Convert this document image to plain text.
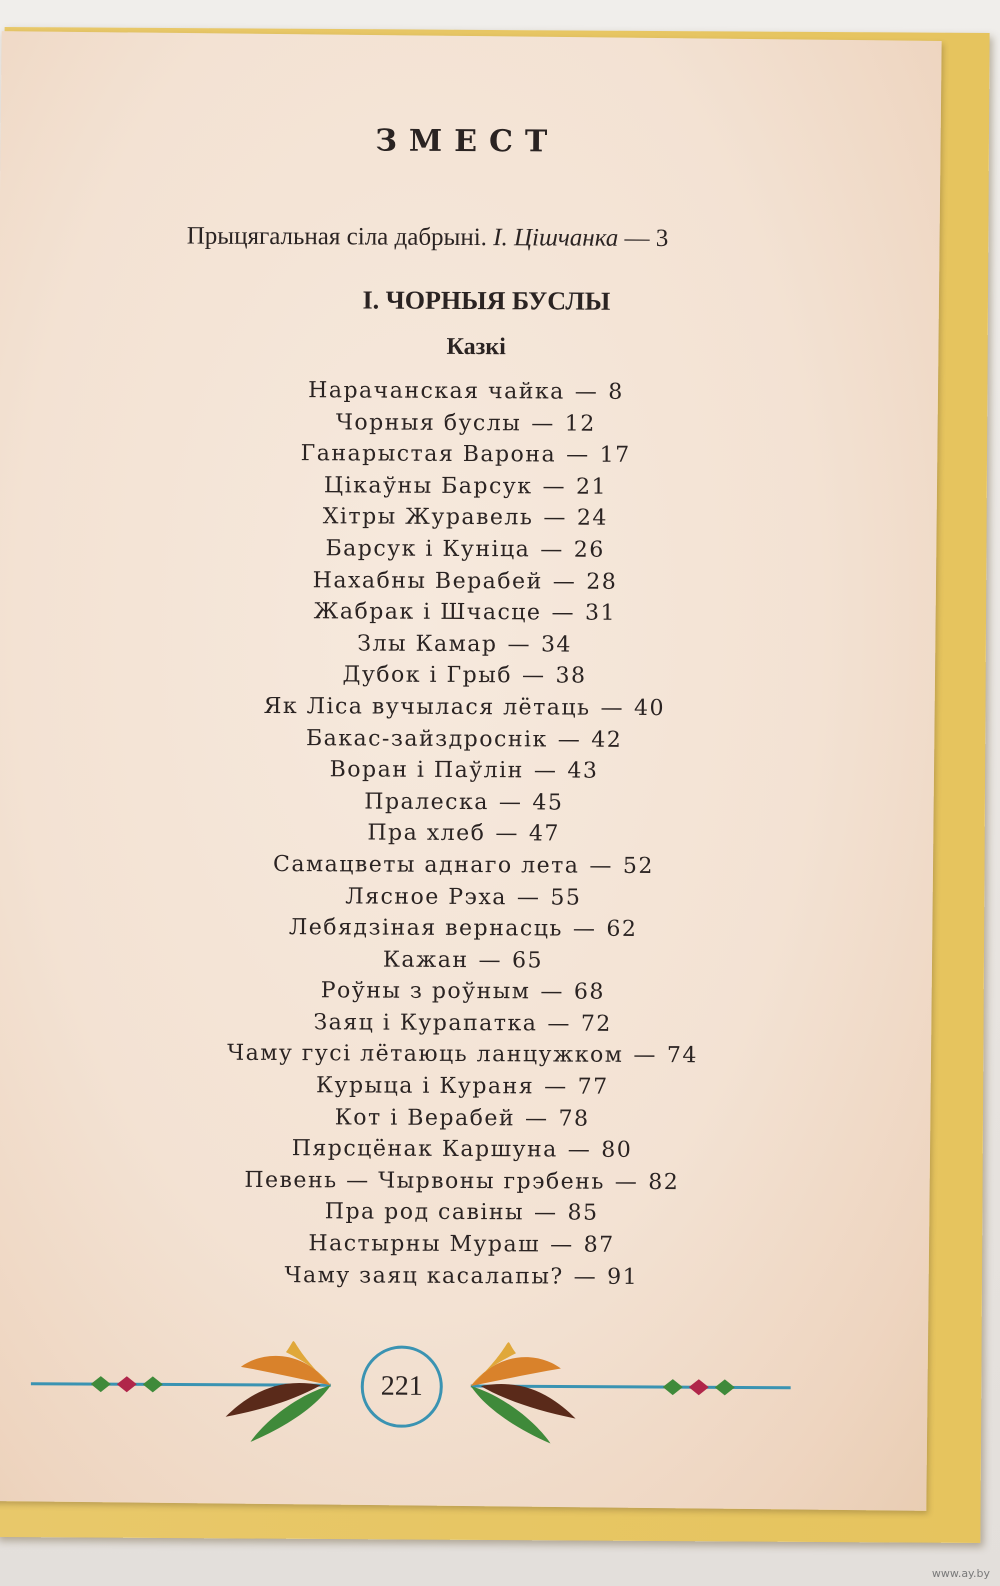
ЗМЕСТ
Прыцягальная сіла дабрыні. І. Цішчанка — 3
І. ЧОРНЫЯ БУСЛЫ
Казкі
Нарачанская чайка — 8
Чорныя буслы — 12
Ганарыстая Варона — 17
Цікаўны Барсук — 21
Хітры Журавель — 24
Барсук і Куніца — 26
Нахабны Верабей — 28
Жабрак і Шчасце — 31
Злы Камар — 34
Дубок і Грыб — 38
Як Ліса вучылася лётаць — 40
Бакас-зайздроснік — 42
Воран і Паўлін — 43
Пралеска — 45
Пра хлеб — 47
Самацветы аднаго лета — 52
Лясное Рэха — 55
Лебядзіная вернасць — 62
Кажан — 65
Роўны з роўным — 68
Заяц і Курапатка — 72
Чаму гусі лётаюць ланцужком — 74
Курыца і Кураня — 77
Кот і Верабей — 78
Пярсцёнак Каршуна — 80
Певень — Чырвоны грэбень — 82
Пра род савіны — 85
Настырны Мураш — 87
Чаму заяц касалапы? — 91
221
www.ay.by
